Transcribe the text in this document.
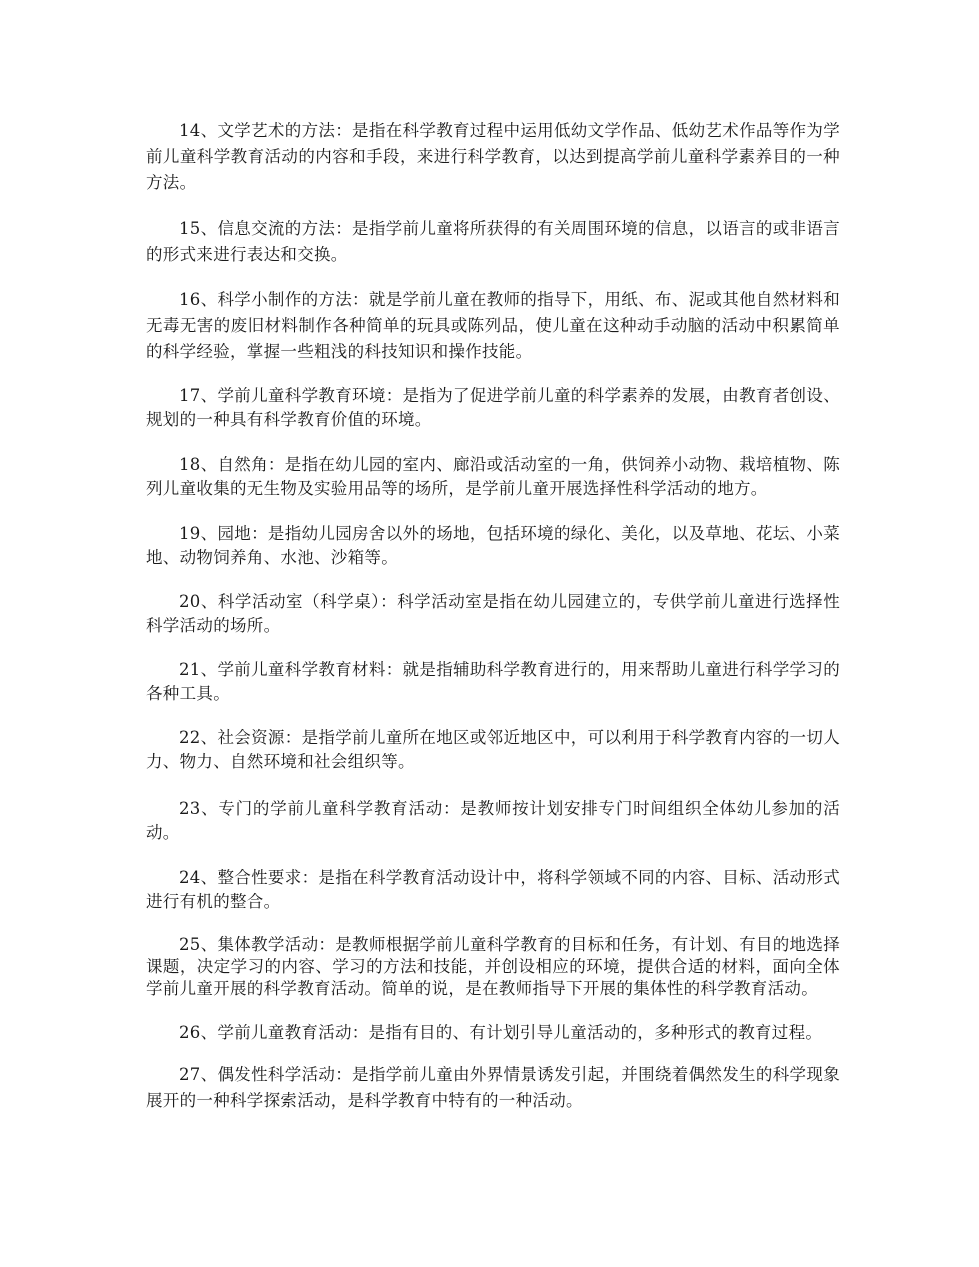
14、文学艺术的方法：是指在科学教育过程中运用低幼文学作品、低幼艺术作品等作为学前儿童科学教育活动的内容和手段，来进行科学教育，以达到提高学前儿童科学素养目的一种方法。

15、信息交流的方法：是指学前儿童将所获得的有关周围环境的信息，以语言的或非语言的形式来进行表达和交换。

16、科学小制作的方法：就是学前儿童在教师的指导下，用纸、布、泥或其他自然材料和无毒无害的废旧材料制作各种简单的玩具或陈列品，使儿童在这种动手动脑的活动中积累简单的科学经验，掌握一些粗浅的科技知识和操作技能。

17、学前儿童科学教育环境：是指为了促进学前儿童的科学素养的发展，由教育者创设、规划的一种具有科学教育价值的环境。

18、自然角：是指在幼儿园的室内、廊沿或活动室的一角，供饲养小动物、栽培植物、陈列儿童收集的无生物及实验用品等的场所，是学前儿童开展选择性科学活动的地方。

19、园地：是指幼儿园房舍以外的场地，包括环境的绿化、美化，以及草地、花坛、小菜地、动物饲养角、水池、沙箱等。

20、科学活动室（科学桌）：科学活动室是指在幼儿园建立的，专供学前儿童进行选择性科学活动的场所。

21、学前儿童科学教育材料：就是指辅助科学教育进行的，用来帮助儿童进行科学学习的各种工具。

22、社会资源：是指学前儿童所在地区或邻近地区中，可以利用于科学教育内容的一切人力、物力、自然环境和社会组织等。

23、专门的学前儿童科学教育活动：是教师按计划安排专门时间组织全体幼儿参加的活动。

24、整合性要求：是指在科学教育活动设计中，将科学领域不同的内容、目标、活动形式进行有机的整合。

25、集体教学活动：是教师根据学前儿童科学教育的目标和任务，有计划、有目的地选择课题，决定学习的内容、学习的方法和技能，并创设相应的环境，提供合适的材料，面向全体学前儿童开展的科学教育活动。简单的说，是在教师指导下开展的集体性的科学教育活动。

26、学前儿童教育活动：是指有目的、有计划引导儿童活动的，多种形式的教育过程。

27、偶发性科学活动：是指学前儿童由外界情景诱发引起，并围绕着偶然发生的科学现象展开的一种科学探索活动，是科学教育中特有的一种活动。
